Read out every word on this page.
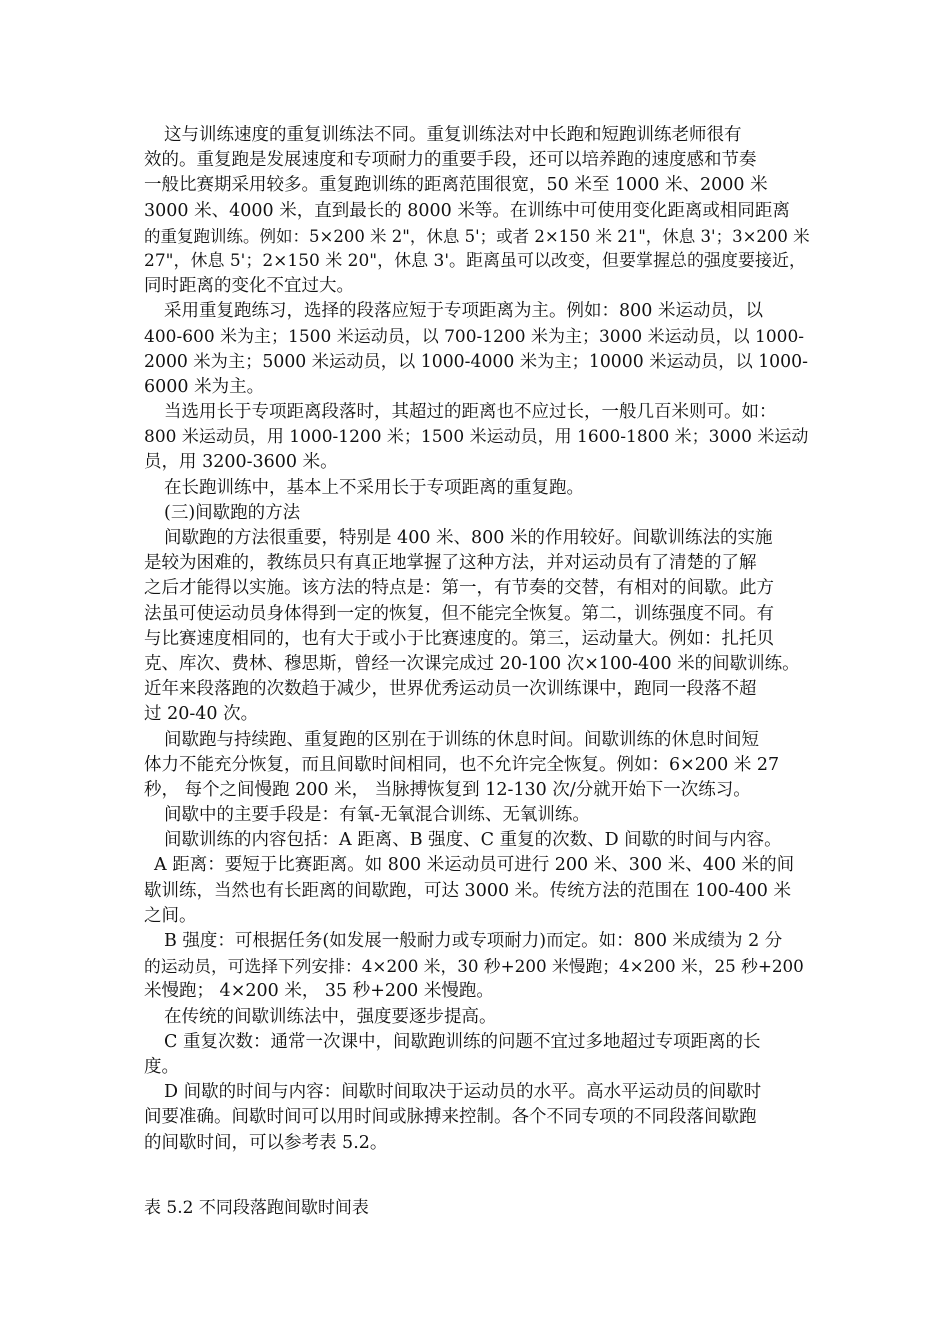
这与训练速度的重复训练法不同。重复训练法对中长跑和短跑训练老师很有
效的。重复跑是发展速度和专项耐力的重要手段，还可以培养跑的速度感和节奏
一般比赛期采用较多。重复跑训练的距离范围很宽，50 米至 1000 米、2000 米
3000 米、4000 米，直到最长的 8000 米等。在训练中可使用变化距离或相同距离
的重复跑训练。例如：5×200 米 2"，休息 5'；或者 2×150 米 21"，休息 3'；3×200 米
27"，休息 5'；2×150 米 20"，休息 3'。距离虽可以改变，但要掌握总的强度要接近，
同时距离的变化不宜过大。
采用重复跑练习，选择的段落应短于专项距离为主。例如：800 米运动员，以
400-600 米为主；1500 米运动员，以 700-1200 米为主；3000 米运动员，以 1000-
2000 米为主；5000 米运动员，以 1000-4000 米为主；10000 米运动员，以 1000-
6000 米为主。
当选用长于专项距离段落时，其超过的距离也不应过长，一般几百米则可。如：
800 米运动员，用 1000-1200 米；1500 米运动员，用 1600-1800 米；3000 米运动
员，用 3200-3600 米。
在长跑训练中，基本上不采用长于专项距离的重复跑。
(三)间歇跑的方法
间歇跑的方法很重要，特别是 400 米、800 米的作用较好。间歇训练法的实施
是较为困难的，教练员只有真正地掌握了这种方法，并对运动员有了清楚的了解
之后才能得以实施。该方法的特点是：第一，有节奏的交替，有相对的间歇。此方
法虽可使运动员身体得到一定的恢复，但不能完全恢复。第二，训练强度不同。有
与比赛速度相同的，也有大于或小于比赛速度的。第三，运动量大。例如：扎托贝
克、库次、费林、穆思斯，曾经一次课完成过 20-100 次×100-400 米的间歇训练。
近年来段落跑的次数趋于减少，世界优秀运动员一次训练课中，跑同一段落不超
过 20-40 次。
间歇跑与持续跑、重复跑的区别在于训练的休息时间。间歇训练的休息时间短
体力不能充分恢复，而且间歇时间相同，也不允许完全恢复。例如：6×200 米 27
秒， 每个之间慢跑 200 米， 当脉搏恢复到 12-130 次/分就开始下一次练习。
间歇中的主要手段是：有氧-无氧混合训练、无氧训练。
间歇训练的内容包括：A 距离、B 强度、C 重复的次数、D 间歇的时间与内容。
A 距离：要短于比赛距离。如 800 米运动员可进行 200 米、300 米、400 米的间
歇训练，当然也有长距离的间歇跑，可达 3000 米。传统方法的范围在 100-400 米
之间。
B 强度：可根据任务(如发展一般耐力或专项耐力)而定。如：800 米成绩为 2 分
的运动员，可选择下列安排：4×200 米，30 秒+200 米慢跑；4×200 米，25 秒+200
米慢跑； 4×200 米， 35 秒+200 米慢跑。
在传统的间歇训练法中，强度要逐步提高。
C 重复次数：通常一次课中，间歇跑训练的问题不宜过多地超过专项距离的长
度。
D 间歇的时间与内容：间歇时间取决于运动员的水平。高水平运动员的间歇时
间要准确。间歇时间可以用时间或脉搏来控制。各个不同专项的不同段落间歇跑
的间歇时间，可以参考表 5.2。
表 5.2 不同段落跑间歇时间表
